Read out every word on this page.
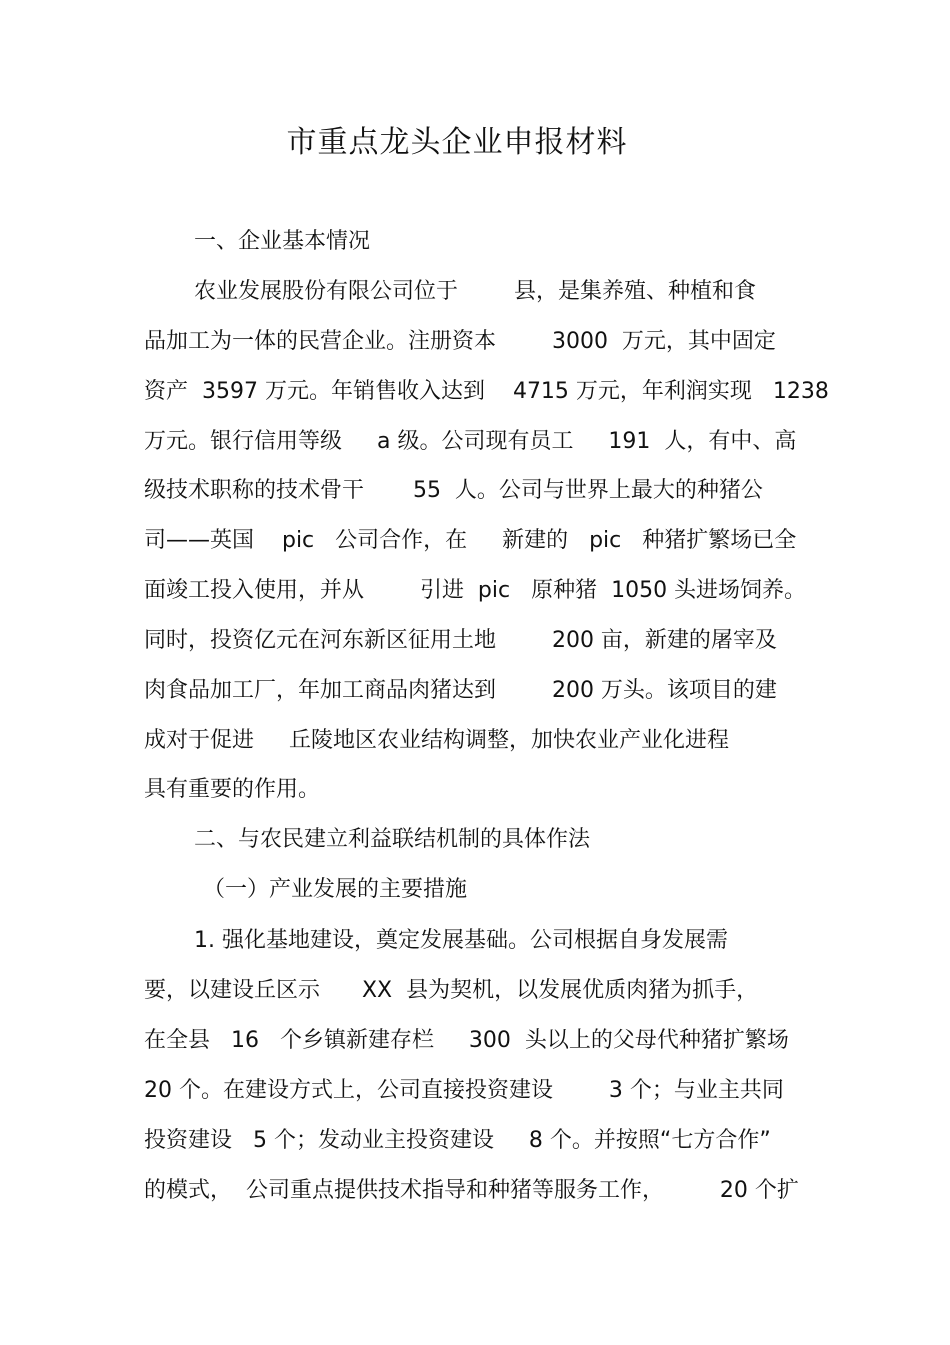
市重点龙头企业申报材料
一、企业基本情况
农业发展股份有限公司位于        县，是集养殖、种植和食
品加工为一体的民营企业。注册资本        3000  万元，其中固定
资产  3597 万元。年销售收入达到    4715 万元，年利润实现   1238
万元。银行信用等级     a 级。公司现有员工     191  人，有中、高
级技术职称的技术骨干       55  人。公司与世界上最大的种猪公
司——英国    pic   公司合作，在     新建的   pic   种猪扩繁场已全
面竣工投入使用，并从        引进  pic   原种猪  1050 头进场饲养。
同时，投资亿元在河东新区征用土地        200 亩，新建的屠宰及
肉食品加工厂，年加工商品肉猪达到        200 万头。该项目的建
成对于促进     丘陵地区农业结构调整，加快农业产业化进程
具有重要的作用。
二、与农民建立利益联结机制的具体作法
（一）产业发展的主要措施
1. 强化基地建设，奠定发展基础。公司根据自身发展需
要，以建设丘区示      XX  县为契机，以发展优质肉猪为抓手，
在全县   16   个乡镇新建存栏     300  头以上的父母代种猪扩繁场
20 个。在建设方式上，公司直接投资建设        3 个；与业主共同
投资建设   5 个；发动业主投资建设     8 个。并按照“七方合作”
的模式，  公司重点提供技术指导和种猪等服务工作，        20 个扩
